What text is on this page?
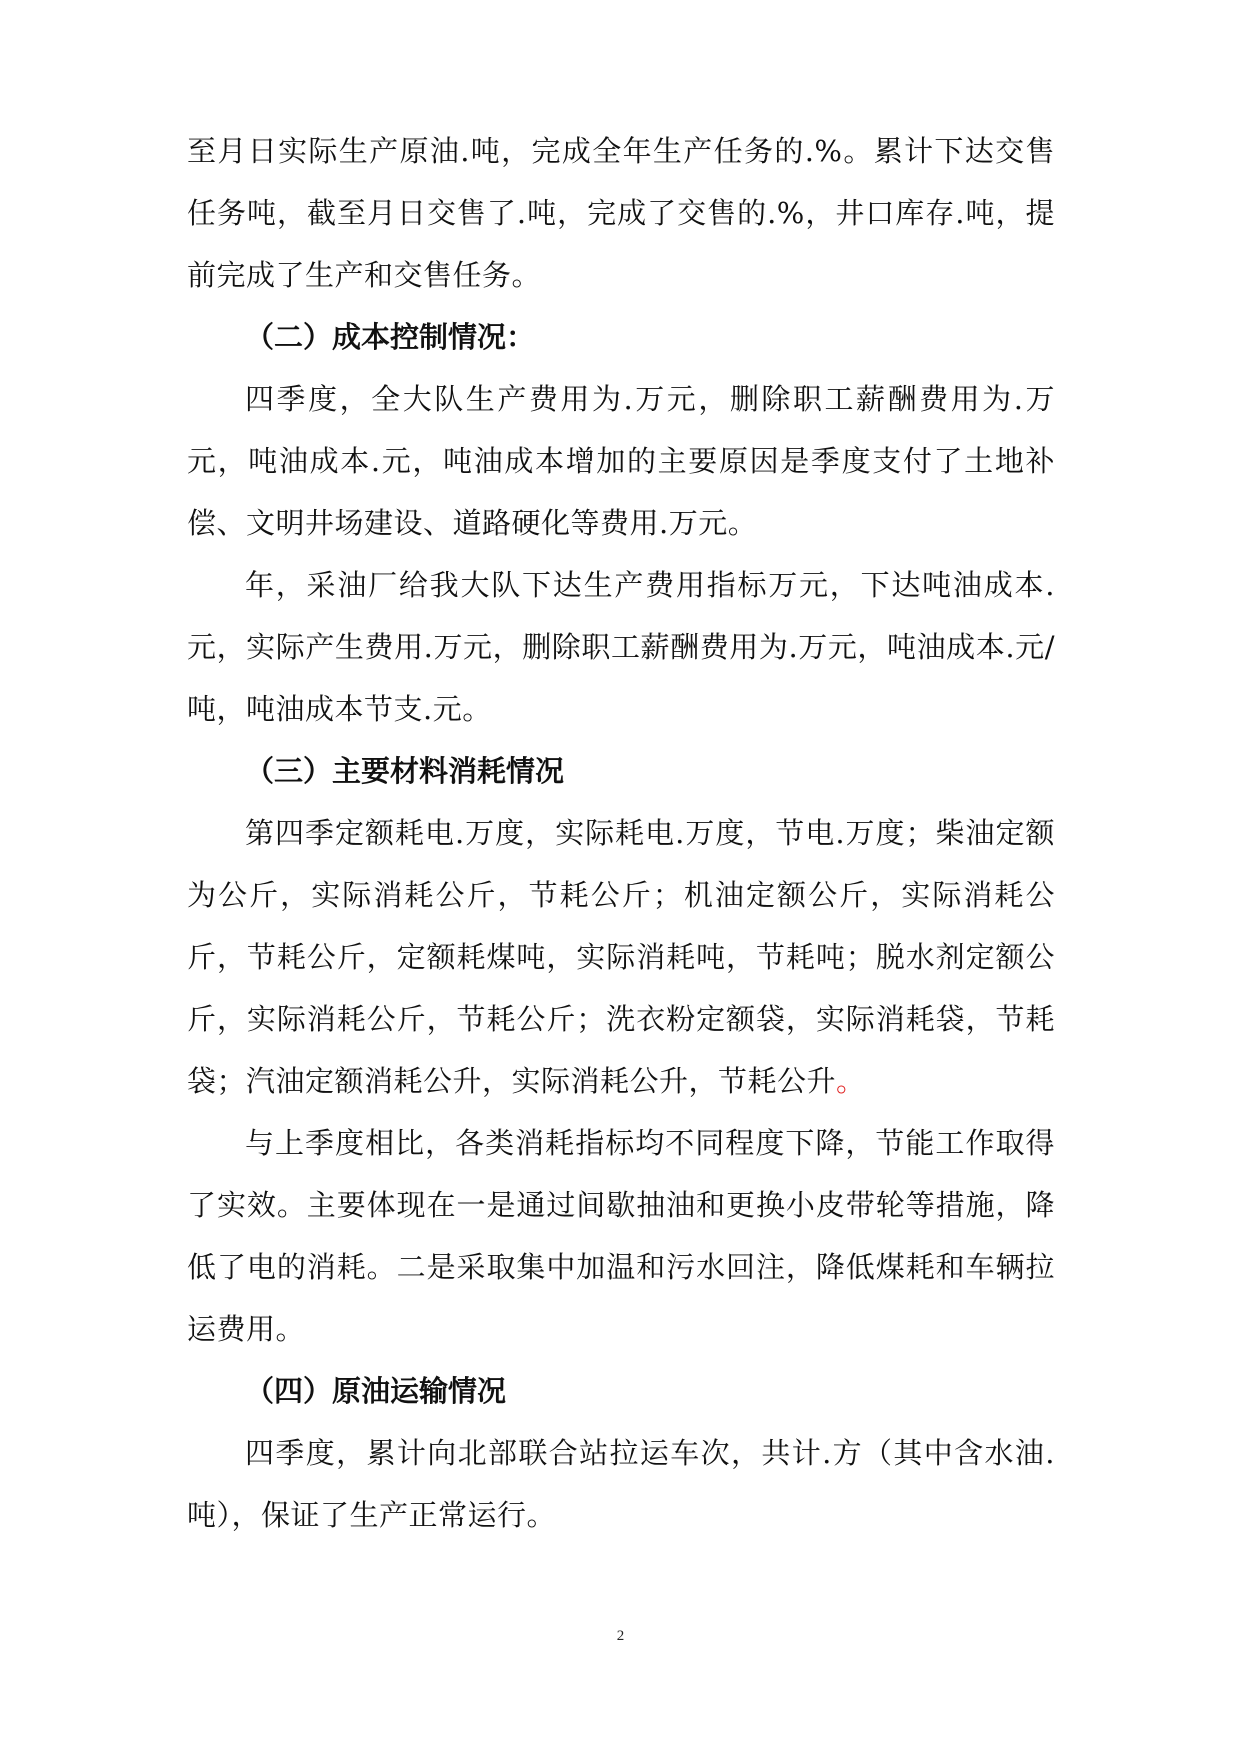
至月日实际生产原油.吨，完成全年生产任务的.%。累计下达交售任务吨，截至月日交售了.吨，完成了交售的.%，井口库存.吨，提前完成了生产和交售任务。

（二）成本控制情况：

四季度，全大队生产费用为.万元，删除职工薪酬费用为.万元，吨油成本.元，吨油成本增加的主要原因是季度支付了土地补偿、文明井场建设、道路硬化等费用.万元。

年，采油厂给我大队下达生产费用指标万元，下达吨油成本.元，实际产生费用.万元，删除职工薪酬费用为.万元，吨油成本.元/吨，吨油成本节支.元。

（三）主要材料消耗情况

第四季定额耗电.万度，实际耗电.万度，节电.万度；柴油定额为公斤，实际消耗公斤，节耗公斤；机油定额公斤，实际消耗公斤，节耗公斤，定额耗煤吨，实际消耗吨，节耗吨；脱水剂定额公斤，实际消耗公斤，节耗公斤；洗衣粉定额袋，实际消耗袋，节耗袋；汽油定额消耗公升，实际消耗公升，节耗公升。

与上季度相比，各类消耗指标均不同程度下降，节能工作取得了实效。主要体现在一是通过间歇抽油和更换小皮带轮等措施，降低了电的消耗。二是采取集中加温和污水回注，降低煤耗和车辆拉运费用。

（四）原油运输情况

四季度，累计向北部联合站拉运车次，共计.方（其中含水油.吨），保证了生产正常运行。

2
